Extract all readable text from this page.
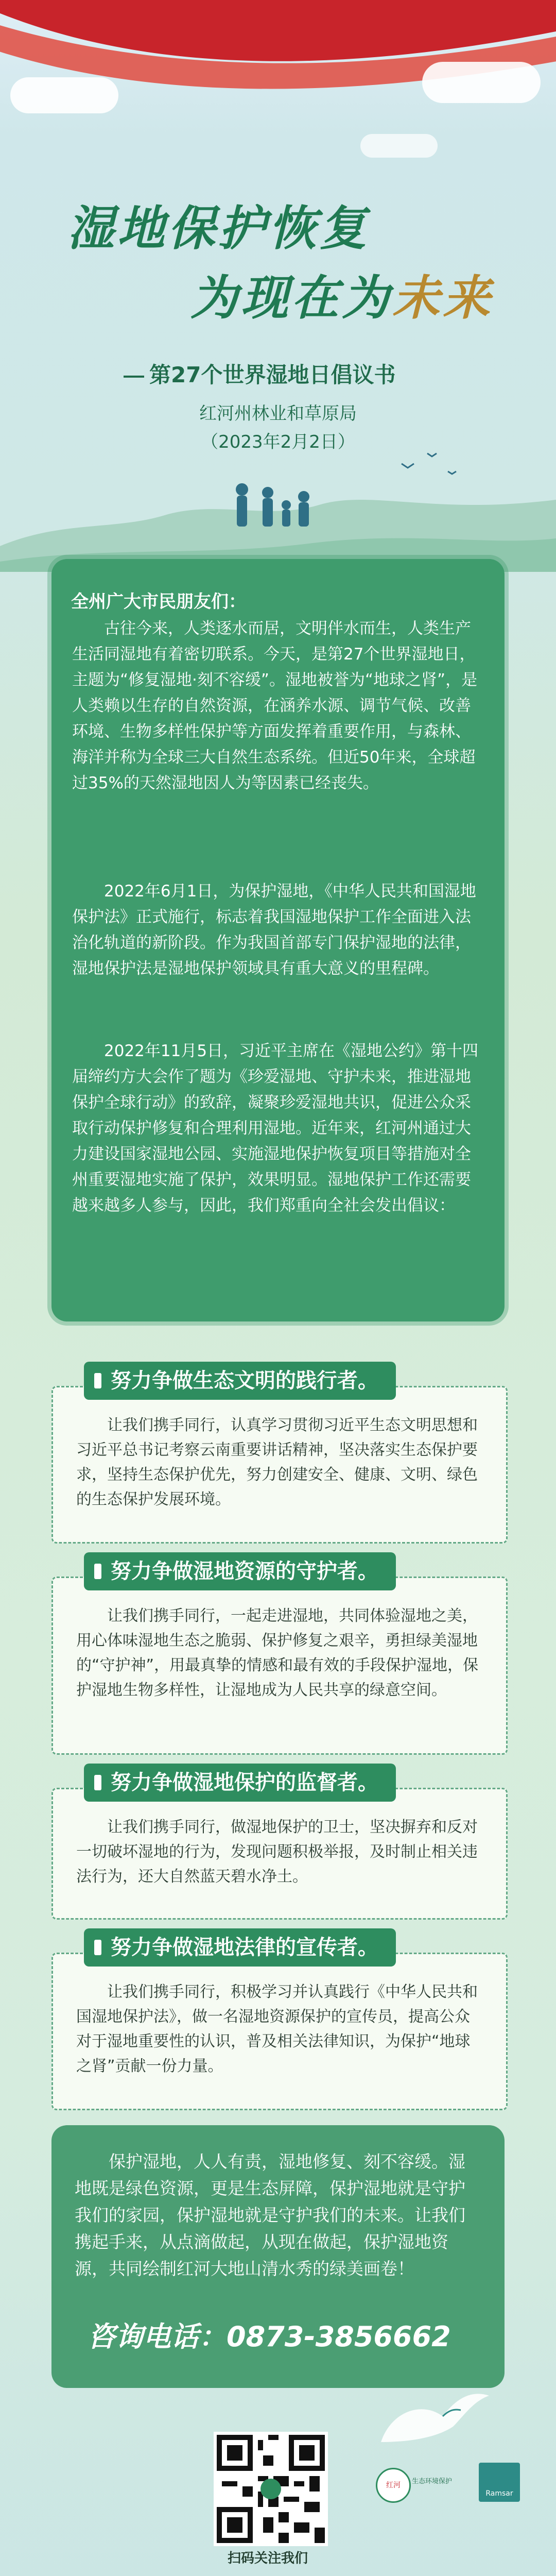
湿地保护恢复
为现在为未来
第27个世界湿地日倡议书
红河州林业和草原局
（2023年2月2日）
全州广大市民朋友们：
古往今来，人类逐水而居，文明伴水而生，人类生产生活同湿地有着密切联系。今天，是第27个世界湿地日，主题为“修复湿地·刻不容缓”。湿地被誉为“地球之肾”，是人类赖以生存的自然资源，在涵养水源、调节气候、改善环境、生物多样性保护等方面发挥着重要作用，与森林、海洋并称为全球三大自然生态系统。但近50年来，全球超过35%的天然湿地因人为等因素已经丧失。
2022年6月1日，为保护湿地，《中华人民共和国湿地保护法》正式施行，标志着我国湿地保护工作全面进入法治化轨道的新阶段。作为我国首部专门保护湿地的法律，湿地保护法是湿地保护领域具有重大意义的里程碑。
2022年11月5日，习近平主席在《湿地公约》第十四届缔约方大会作了题为《珍爱湿地、守护未来，推进湿地保护全球行动》的致辞，凝聚珍爱湿地共识，促进公众采取行动保护修复和合理利用湿地。近年来，红河州通过大力建设国家湿地公园、实施湿地保护恢复项目等措施对全州重要湿地实施了保护，效果明显。湿地保护工作还需要越来越多人参与，因此，我们郑重向全社会发出倡议：
努力争做生态文明的践行者。
让我们携手同行，认真学习贯彻习近平生态文明思想和习近平总书记考察云南重要讲话精神，坚决落实生态保护要求，坚持生态保护优先，努力创建安全、健康、文明、绿色的生态保护发展环境。
努力争做湿地资源的守护者。
让我们携手同行，一起走进湿地，共同体验湿地之美，用心体味湿地生态之脆弱、保护修复之艰辛，勇担绿美湿地的“守护神”，用最真挚的情感和最有效的手段保护湿地，保护湿地生物多样性，让湿地成为人民共享的绿意空间。
努力争做湿地保护的监督者。
让我们携手同行，做湿地保护的卫士，坚决摒弃和反对一切破坏湿地的行为，发现问题积极举报，及时制止相关违法行为，还大自然蓝天碧水净土。
努力争做湿地法律的宣传者。
让我们携手同行，积极学习并认真践行《中华人民共和国湿地保护法》，做一名湿地资源保护的宣传员，提高公众对于湿地重要性的认识，普及相关法律知识，为保护“地球之肾”贡献一份力量。
保护湿地，人人有责，湿地修复、刻不容缓。湿地既是绿色资源，更是生态屏障，保护湿地就是守护我们的家园，保护湿地就是守护我们的未来。让我们携起手来，从点滴做起，从现在做起，保护湿地资源，共同绘制红河大地山清水秀的绿美画卷！
咨询电话：0873-3856662
扫码关注我们
红河	生态环境保护
Ramsar
